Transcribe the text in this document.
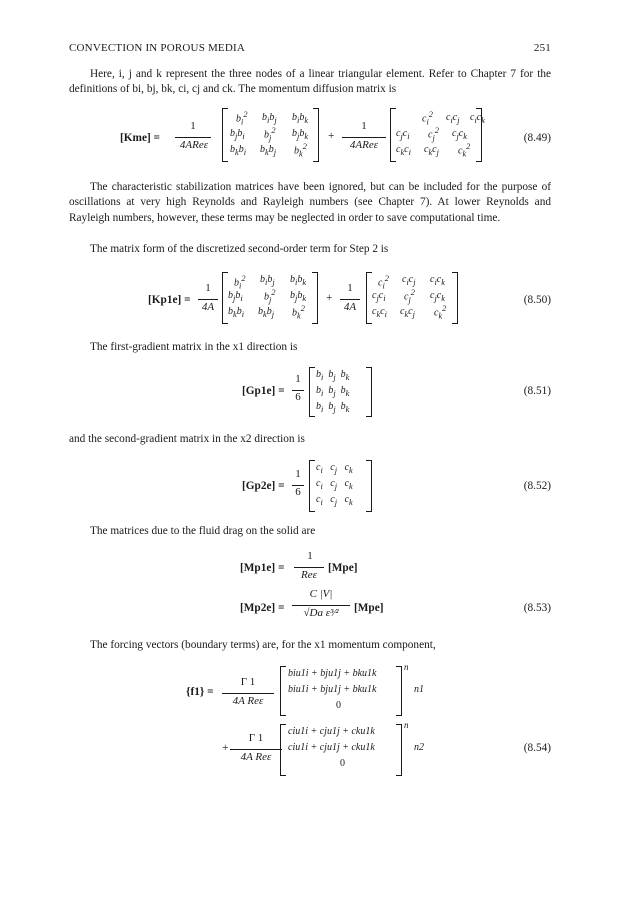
CONVECTION IN POROUS MEDIA	251
Here, i, j and k represent the three nodes of a linear triangular element. Refer to Chapter 7 for the definitions of bi, bj, bk, ci, cj and ck. The momentum diffusion matrix is
[Kme] =
1
4AReε
$b_i^2$ $b_ib_j$ $b_ib_k$
$b_jb_i$ $b_j^2$ $b_jb_k$
$b_kb_i$ $b_kb_j$ $b_k^2$
+
1
4AReε
$c_i^2$ $c_ic_j$ $c_ic_k$
$c_jc_i$ $c_j^2$ $c_jc_k$
$c_kc_i$ $c_kc_j$ $c_k^2$
(8.49)
The characteristic stabilization matrices have been ignored, but can be included for the purpose of oscillations at very high Reynolds and Rayleigh numbers (see Chapter 7). At lower Reynolds and Rayleigh numbers, however, these terms may be neglected in order to save computational time.
The matrix form of the discretized second-order term for Step 2 is
[Kp1e] =
1
4A
$b_i^2$ $b_ib_j$ $b_ib_k$
$b_jb_i$ $b_j^2$ $b_jb_k$
$b_kb_i$ $b_kb_j$ $b_k^2$
+
1
4A
$c_i^2$ $c_ic_j$ $c_ic_k$
$c_jc_i$ $c_j^2$ $c_jc_k$
$c_kc_i$ $c_kc_j$ $c_k^2$
(8.50)
The first-gradient matrix in the x1 direction is
[Gp1e] =
1
6
$b_i$  $b_j$  $b_k$
$b_i$  $b_j$  $b_k$
$b_i$  $b_j$  $b_k$
(8.51)
and the second-gradient matrix in the x2 direction is
[Gp2e] =
1
6
$c_i$   $c_j$   $c_k$
$c_i$   $c_j$   $c_k$
$c_i$   $c_j$   $c_k$
(8.52)
The matrices due to the fluid drag on the solid are
[Mp1e] =
1
Reε
[Mpe]
[Mp2e] =
C |V|
√Da ε³⁄²	[Mpe]	(8.53)
The forcing vectors (boundary terms) are, for the x1 momentum component,
{f1} =
Γ 1
4A Reε
biu1i + bju1j + bku1k
biu1i + bju1j + bku1k
0
n
n1
+
Γ 1
4A Reε
ciu1i + cju1j + cku1k
ciu1i + cju1j + cku1k
0
n
n2	(8.54)
